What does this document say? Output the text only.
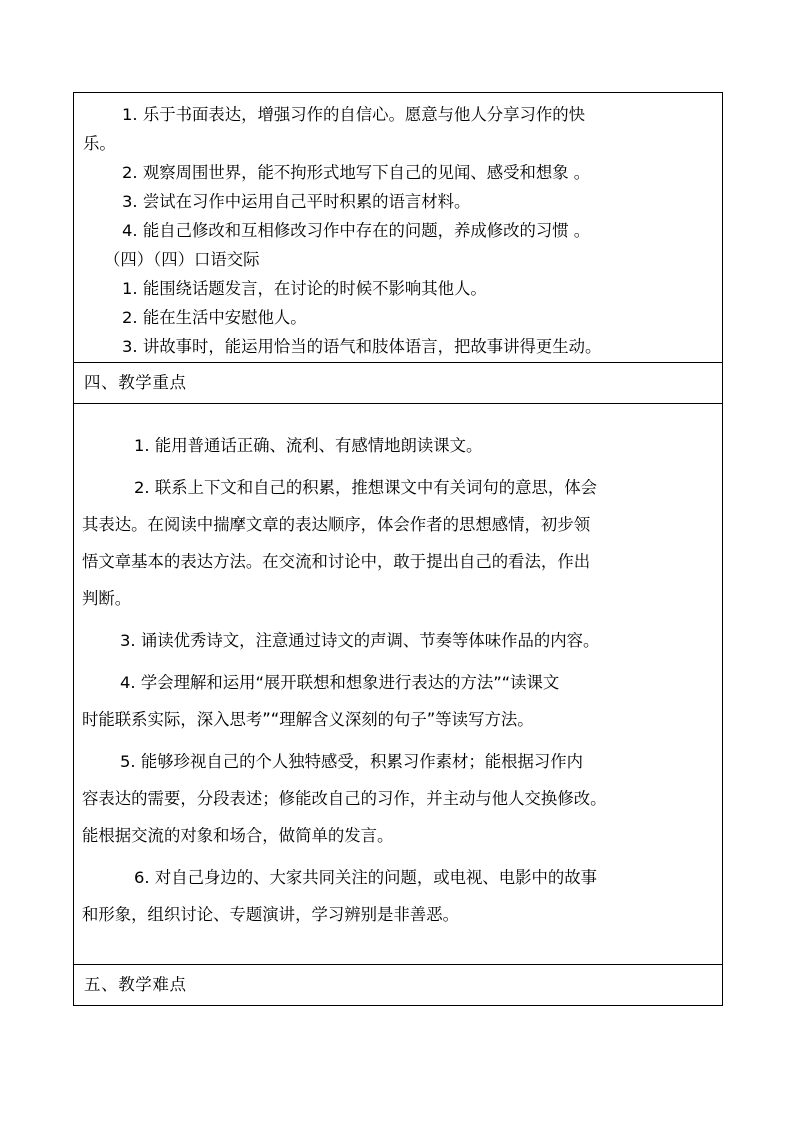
1. 乐于书面表达，增强习作的自信心。愿意与他人分享习作的快
乐。
2. 观察周围世界，能不拘形式地写下自己的见闻、感受和想象 。
3. 尝试在习作中运用自己平时积累的语言材料。
4. 能自己修改和互相修改习作中存在的问题，养成修改的习惯 。
（四）（四）口语交际
1. 能围绕话题发言，在讨论的时候不影响其他人。
2. 能在生活中安慰他人。
3. 讲故事时，能运用恰当的语气和肢体语言，把故事讲得更生动。

四、教学重点

1. 能用普通话正确、流利、有感情地朗读课文。
2. 联系上下文和自己的积累，推想课文中有关词句的意思，体会
其表达。在阅读中揣摩文章的表达顺序，体会作者的思想感情，初步领
悟文章基本的表达方法。在交流和讨论中，敢于提出自己的看法，作出
判断。
3. 诵读优秀诗文，注意通过诗文的声调、节奏等体味作品的内容。
4. 学会理解和运用“展开联想和想象进行表达的方法”“读课文
时能联系实际，深入思考”“理解含义深刻的句子”等读写方法。
5. 能够珍视自己的个人独特感受，积累习作素材；能根据习作内
容表达的需要，分段表述；修能改自己的习作，并主动与他人交换修改。
能根据交流的对象和场合，做简单的发言。
6. 对自己身边的、大家共同关注的问题，或电视、电影中的故事
和形象，组织讨论、专题演讲，学习辨别是非善恶。

五、教学难点
